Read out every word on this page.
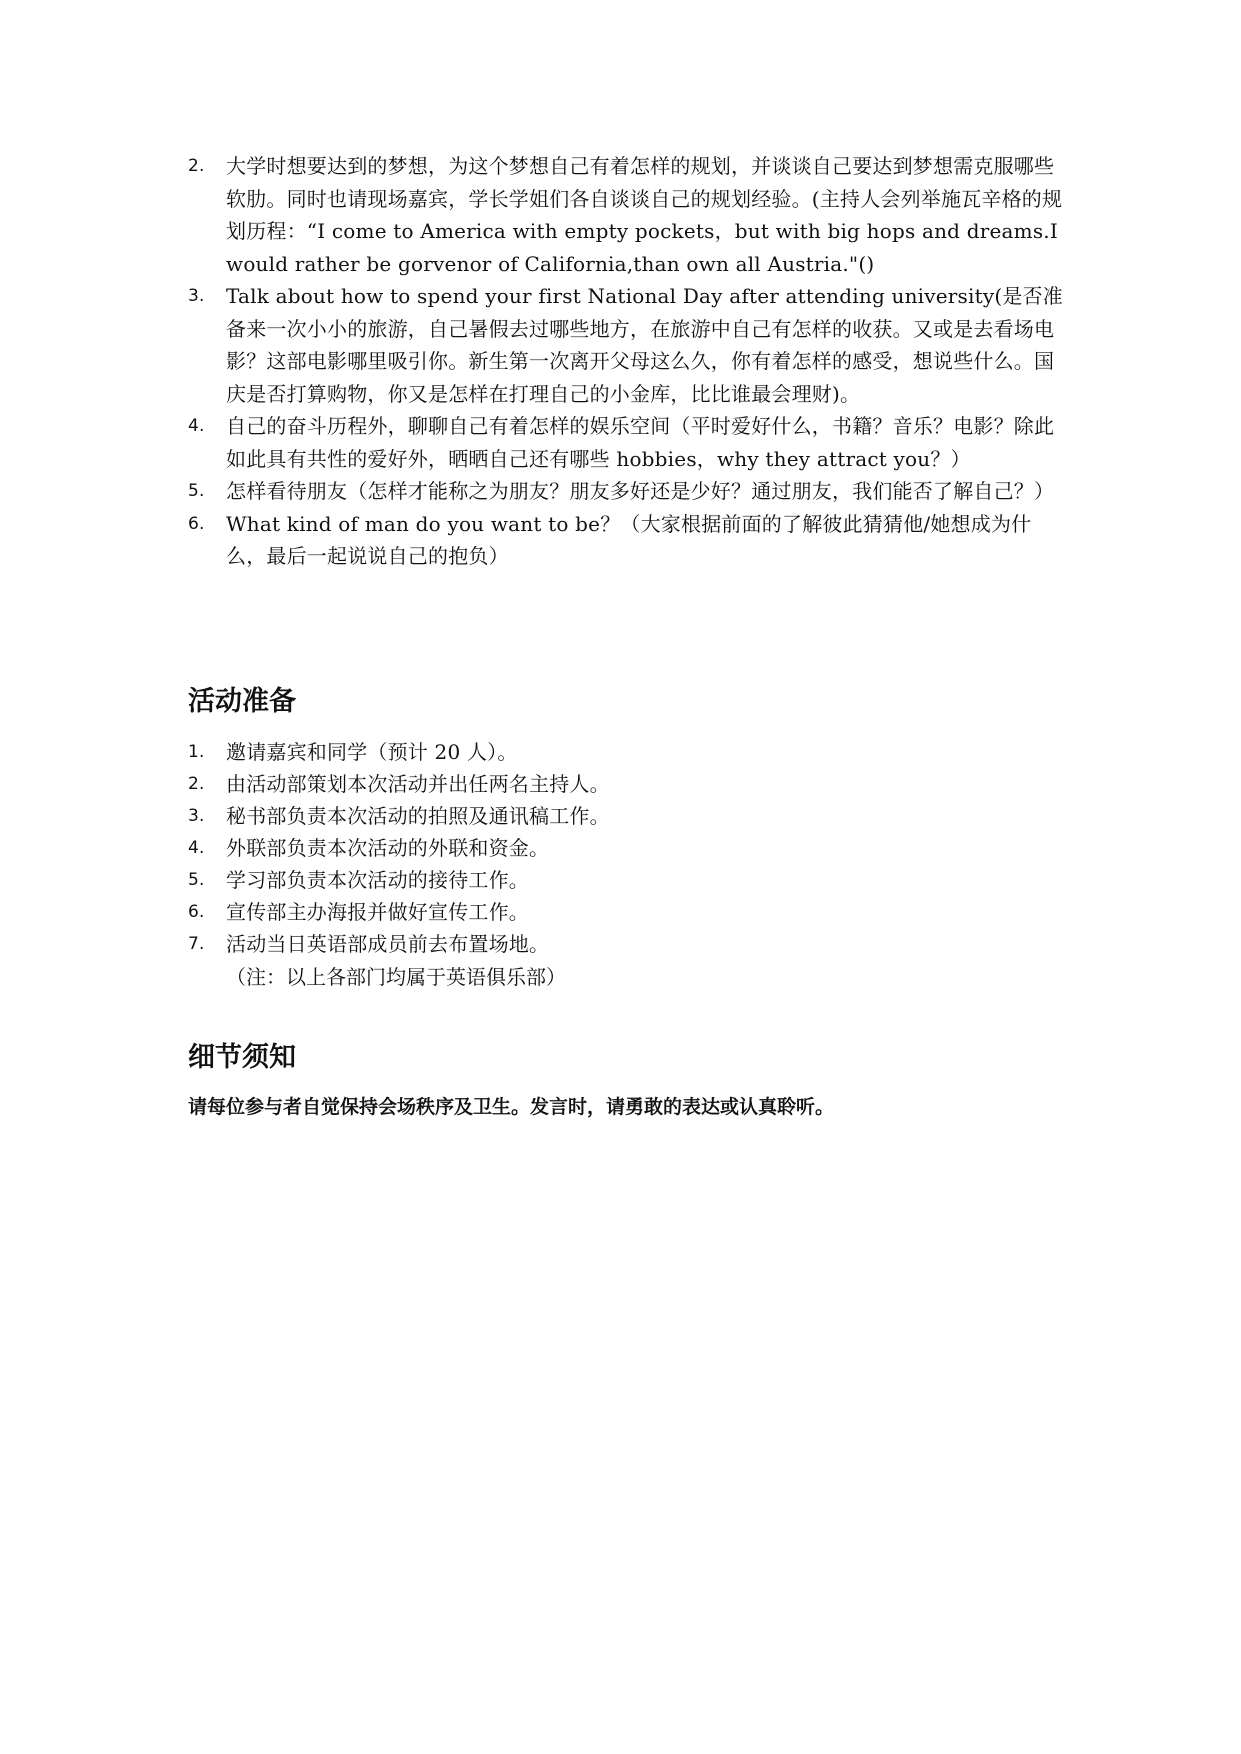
2. 大学时想要达到的梦想，为这个梦想自己有着怎样的规划，并谈谈自己要达到梦想需克服哪些软肋。同时也请现场嘉宾，学长学姐们各自谈谈自己的规划经验。(主持人会列举施瓦辛格的规划历程：“I come to America with empty pockets，but with big hops and dreams.I would rather be gorvenor of California,than own all Austria."()
3. Talk about how to spend your first National Day after attending university(是否准备来一次小小的旅游，自己暑假去过哪些地方，在旅游中自己有怎样的收获。又或是去看场电影？这部电影哪里吸引你。新生第一次离开父母这么久，你有着怎样的感受，想说些什么。国庆是否打算购物，你又是怎样在打理自己的小金库，比比谁最会理财)。
4. 自己的奋斗历程外，聊聊自己有着怎样的娱乐空间（平时爱好什么，书籍？音乐？电影？除此如此具有共性的爱好外，晒晒自己还有哪些 hobbies，why they attract you？）
5. 怎样看待朋友（怎样才能称之为朋友？朋友多好还是少好？通过朋友，我们能否了解自己？）
6. What kind of man do you want to be？（大家根据前面的了解彼此猜猜他/她想成为什么，最后一起说说自己的抱负）
活动准备
1. 邀请嘉宾和同学（预计 20 人）。
2. 由活动部策划本次活动并出任两名主持人。
3. 秘书部负责本次活动的拍照及通讯稿工作。
4. 外联部负责本次活动的外联和资金。
5. 学习部负责本次活动的接待工作。
6. 宣传部主办海报并做好宣传工作。
7. 活动当日英语部成员前去布置场地。
（注：以上各部门均属于英语俱乐部）
细节须知

请每位参与者自觉保持会场秩序及卫生。发言时，请勇敢的表达或认真聆听。
